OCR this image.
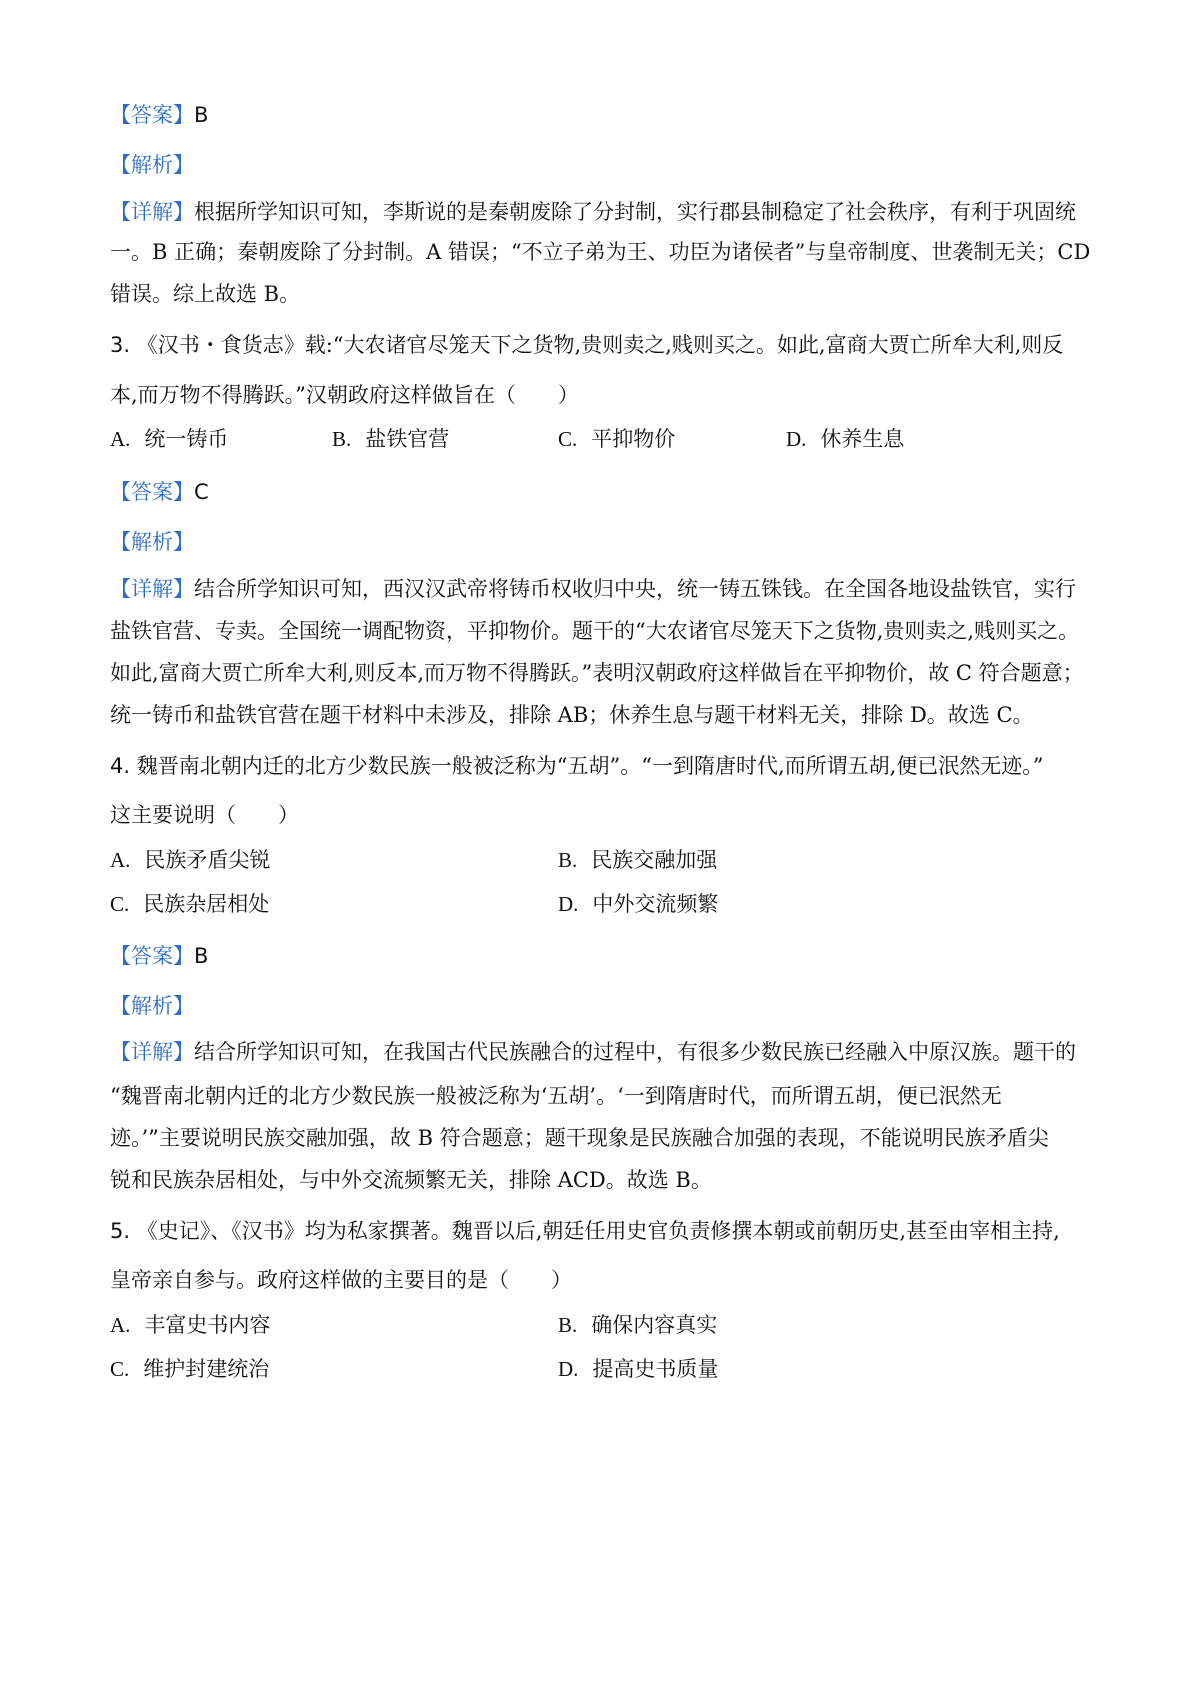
【答案】B
【解析】
【详解】根据所学知识可知，李斯说的是秦朝废除了分封制，实行郡县制稳定了社会秩序，有利于巩固统
一。B 正确；秦朝废除了分封制。A 错误；“不立子弟为王、功臣为诸侯者”与皇帝制度、世袭制无关；CD
错误。综上故选 B。
3. 《汉书・食货志》载:“大农诸官尽笼天下之货物,贵则卖之,贱则买之。如此,富商大贾亡所牟大利,则反
本,而万物不得腾跃。”汉朝政府这样做旨在（　　）
A. 统一铸币	B. 盐铁官营	C. 平抑物价	D. 休养生息
【答案】C
【解析】
【详解】结合所学知识可知，西汉汉武帝将铸币权收归中央，统一铸五铢钱。在全国各地设盐铁官，实行
盐铁官营、专卖。全国统一调配物资，平抑物价。题干的“大农诸官尽笼天下之货物,贵则卖之,贱则买之。
如此,富商大贾亡所牟大利,则反本,而万物不得腾跃。”表明汉朝政府这样做旨在平抑物价，故 C 符合题意；
统一铸币和盐铁官营在题干材料中未涉及，排除 AB；休养生息与题干材料无关，排除 D。故选 C。
4. 魏晋南北朝内迁的北方少数民族一般被泛称为“五胡”。“一到隋唐时代,而所谓五胡,便已泯然无迹。”
这主要说明（　　）
A. 民族矛盾尖锐	B. 民族交融加强
C. 民族杂居相处	D. 中外交流频繁
【答案】B
【解析】
【详解】结合所学知识可知，在我国古代民族融合的过程中，有很多少数民族已经融入中原汉族。题干的
“魏晋南北朝内迁的北方少数民族一般被泛称为‘五胡’。‘一到隋唐时代，而所谓五胡，便已泯然无
迹。’”主要说明民族交融加强，故 B 符合题意；题干现象是民族融合加强的表现，不能说明民族矛盾尖
锐和民族杂居相处，与中外交流频繁无关，排除 ACD。故选 B。
5. 《史记》、《汉书》均为私家撰著。魏晋以后,朝廷任用史官负责修撰本朝或前朝历史,甚至由宰相主持,
皇帝亲自参与。政府这样做的主要目的是（　　）
A. 丰富史书内容	B. 确保内容真实
C. 维护封建统治	D. 提高史书质量
